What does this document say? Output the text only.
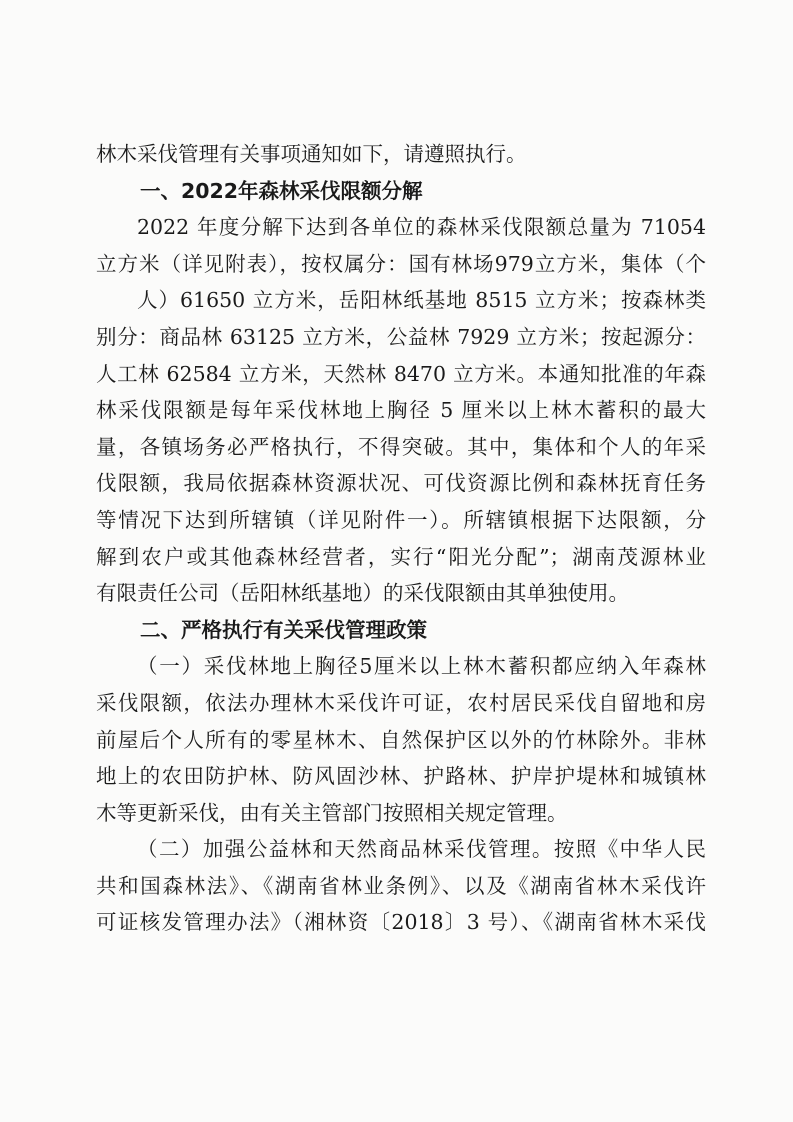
林木采伐管理有关事项通知如下，请遵照执行。
一、2022年森林采伐限额分解
2022 年度分解下达到各单位的森林采伐限额总量为 71054
立方米（详见附表），按权属分：国有林场979立方米，集体（个
人）61650 立方米，岳阳林纸基地 8515 立方米；按森林类
别分：商品林 63125 立方米，公益林 7929 立方米；按起源分：
人工林 62584 立方米，天然林 8470 立方米。本通知批准的年森
林采伐限额是每年采伐林地上胸径 5 厘米以上林木蓄积的最大
量，各镇场务必严格执行，不得突破。其中，集体和个人的年采
伐限额，我局依据森林资源状况、可伐资源比例和森林抚育任务
等情况下达到所辖镇（详见附件一）。所辖镇根据下达限额，分
解到农户或其他森林经营者，实行“阳光分配”；湖南茂源林业
有限责任公司（岳阳林纸基地）的采伐限额由其单独使用。
二、严格执行有关采伐管理政策
（一）采伐林地上胸径5厘米以上林木蓄积都应纳入年森林
采伐限额，依法办理林木采伐许可证，农村居民采伐自留地和房
前屋后个人所有的零星林木、自然保护区以外的竹林除外。非林
地上的农田防护林、防风固沙林、护路林、护岸护堤林和城镇林
木等更新采伐，由有关主管部门按照相关规定管理。
（二）加强公益林和天然商品林采伐管理。按照《中华人民
共和国森林法》、《湖南省林业条例》、以及《湖南省林木采伐许
可证核发管理办法》（湘林资〔2018〕3 号）、《湖南省林木采伐
